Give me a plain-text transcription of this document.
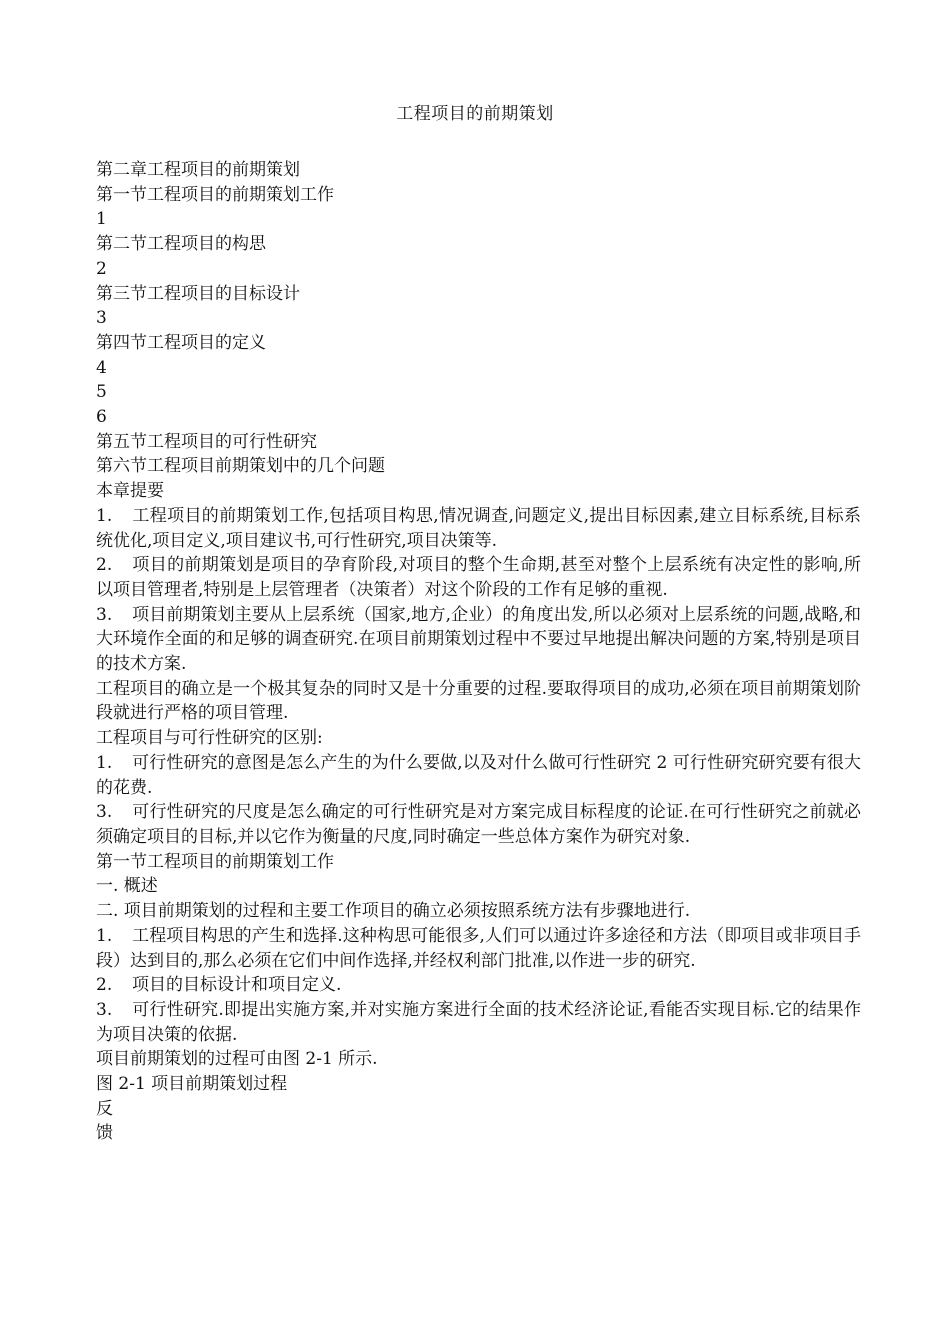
工程项目的前期策划
第二章工程项目的前期策划
第一节工程项目的前期策划工作
1
第二节工程项目的构思
2
第三节工程项目的目标设计
3
第四节工程项目的定义
4
5
6
第五节工程项目的可行性研究
第六节工程项目前期策划中的几个问题
本章提要
1. 工程项目的前期策划工作,包括项目构思,情况调查,问题定义,提出目标因素,建立目标系统,目标系统优化,项目定义,项目建议书,可行性研究,项目决策等.
2. 项目的前期策划是项目的孕育阶段,对项目的整个生命期,甚至对整个上层系统有决定性的影响,所以项目管理者,特别是上层管理者（决策者）对这个阶段的工作有足够的重视.
3. 项目前期策划主要从上层系统（国家,地方,企业）的角度出发,所以必须对上层系统的问题,战略,和大环境作全面的和足够的调查研究.在项目前期策划过程中不要过早地提出解决问题的方案,特别是项目的技术方案.
工程项目的确立是一个极其复杂的同时又是十分重要的过程.要取得项目的成功,必须在项目前期策划阶段就进行严格的项目管理.
工程项目与可行性研究的区别:
1. 可行性研究的意图是怎么产生的为什么要做,以及对什么做可行性研究 2 可行性研究研究要有很大的花费.
3. 可行性研究的尺度是怎么确定的可行性研究是对方案完成目标程度的论证.在可行性研究之前就必须确定项目的目标,并以它作为衡量的尺度,同时确定一些总体方案作为研究对象.
第一节工程项目的前期策划工作
一. 概述
二. 项目前期策划的过程和主要工作项目的确立必须按照系统方法有步骤地进行.
1. 工程项目构思的产生和选择.这种构思可能很多,人们可以通过许多途径和方法（即项目或非项目手段）达到目的,那么必须在它们中间作选择,并经权利部门批准,以作进一步的研究.
2. 项目的目标设计和项目定义.
3. 可行性研究.即提出实施方案,并对实施方案进行全面的技术经济论证,看能否实现目标.它的结果作为项目决策的依据.
项目前期策划的过程可由图 2-1 所示.
图 2-1 项目前期策划过程
反
馈
